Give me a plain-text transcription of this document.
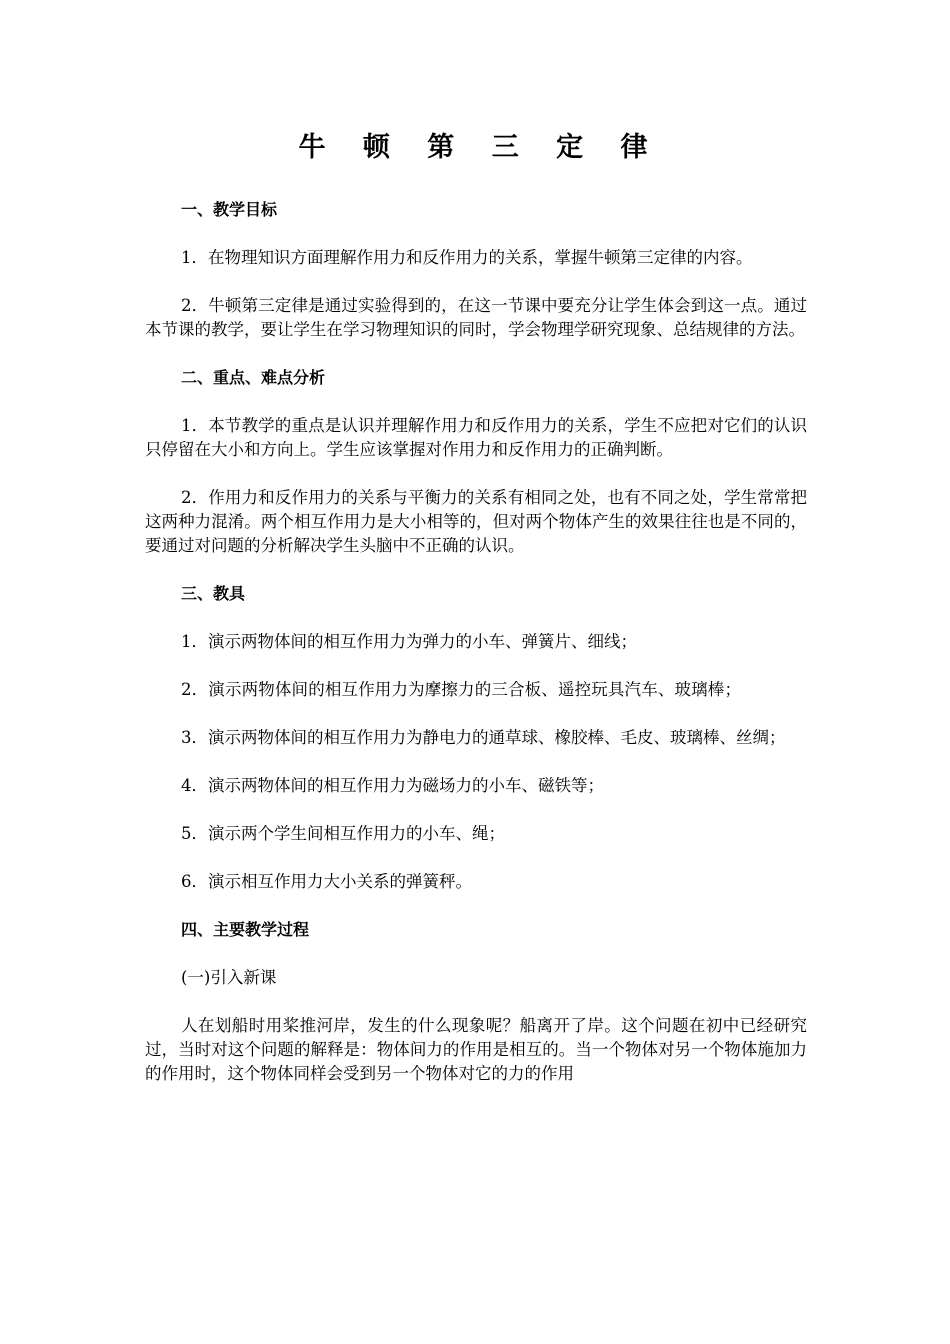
牛 顿 第 三 定 律
一、教学目标

1．在物理知识方面理解作用力和反作用力的关系，掌握牛顿第三定律的内容。

2．牛顿第三定律是通过实验得到的，在这一节课中要充分让学生体会到这一点。通过本节课的教学，要让学生在学习物理知识的同时，学会物理学研究现象、总结规律的方法。

二、重点、难点分析

1．本节教学的重点是认识并理解作用力和反作用力的关系，学生不应把对它们的认识只停留在大小和方向上。学生应该掌握对作用力和反作用力的正确判断。

2．作用力和反作用力的关系与平衡力的关系有相同之处，也有不同之处，学生常常把这两种力混淆。两个相互作用力是大小相等的，但对两个物体产生的效果往往也是不同的，要通过对问题的分析解决学生头脑中不正确的认识。

三、教具

1．演示两物体间的相互作用力为弹力的小车、弹簧片、细线；

2．演示两物体间的相互作用力为摩擦力的三合板、遥控玩具汽车、玻璃棒；

3．演示两物体间的相互作用力为静电力的通草球、橡胶棒、毛皮、玻璃棒、丝绸；

4．演示两物体间的相互作用力为磁场力的小车、磁铁等；

5．演示两个学生间相互作用力的小车、绳；

6．演示相互作用力大小关系的弹簧秤。

四、主要教学过程

(一)引入新课

人在划船时用桨推河岸，发生的什么现象呢？船离开了岸。这个问题在初中已经研究过，当时对这个问题的解释是：物体间力的作用是相互的。当一个物体对另一个物体施加力的作用时，这个物体同样会受到另一个物体对它的力的作用
